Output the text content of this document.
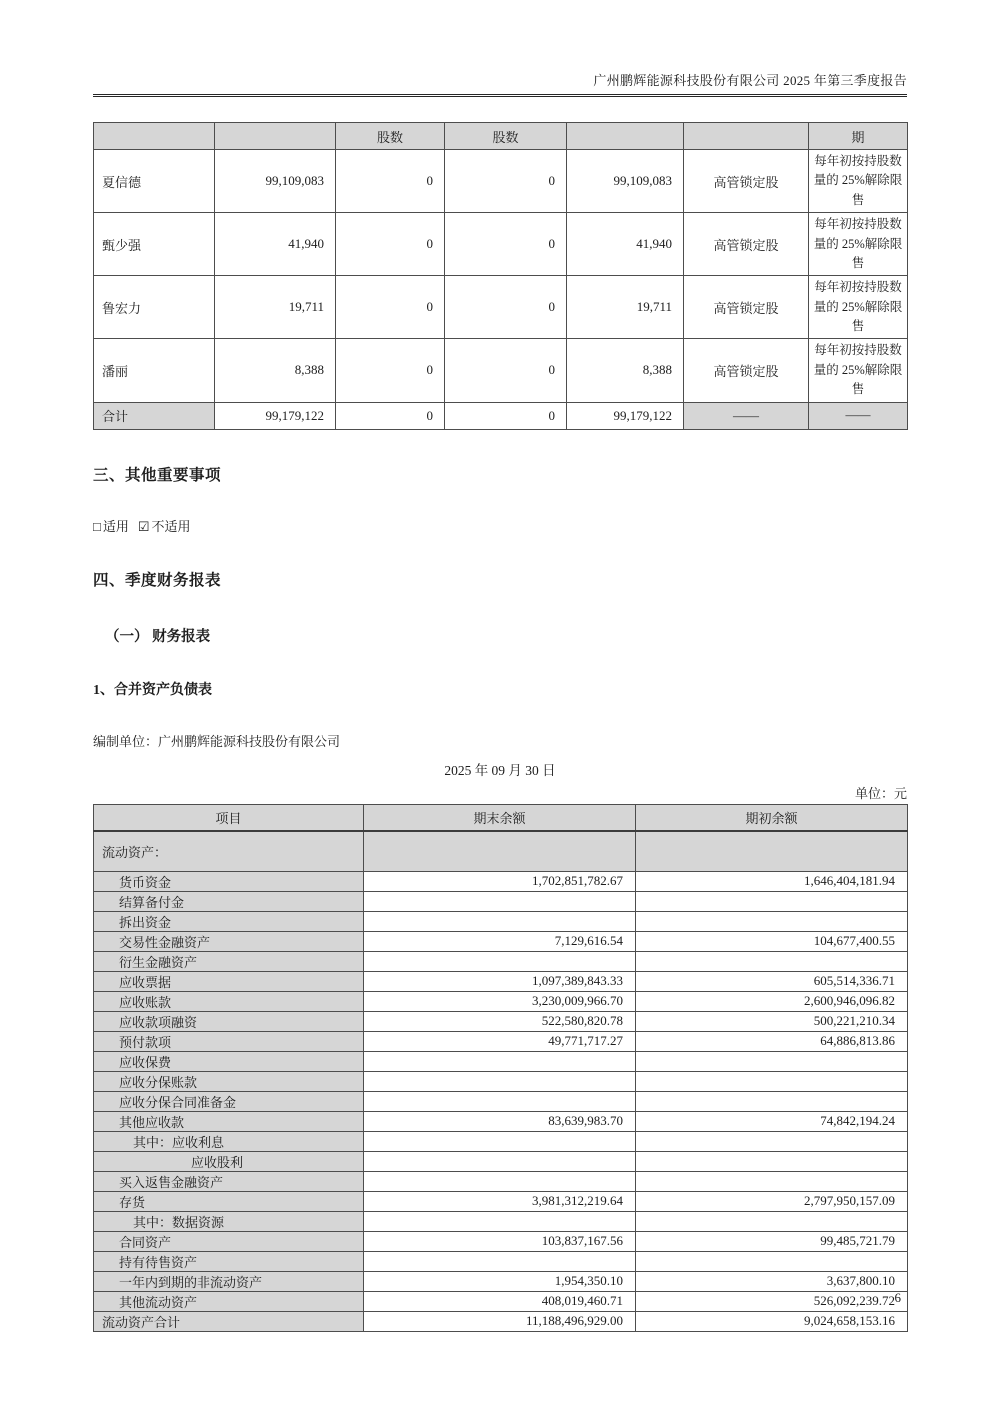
广州鹏辉能源科技股份有限公司 2025 年第三季度报告
		股数	股数			期
夏信德	99,109,083	0	0	99,109,083	高管锁定股	每年初按持股数量的 25%解除限售
甄少强	41,940	0	0	41,940	高管锁定股	每年初按持股数量的 25%解除限售
鲁宏力	19,711	0	0	19,711	高管锁定股	每年初按持股数量的 25%解除限售
潘丽	8,388	0	0	8,388	高管锁定股	每年初按持股数量的 25%解除限售
合计	99,179,122	0	0	99,179,122	——	——
三、其他重要事项
□ 适用 ☑ 不适用
四、季度财务报表
（一） 财务报表
1、合并资产负债表
编制单位：广州鹏辉能源科技股份有限公司
2025 年 09 月 30 日
单位：元
项目	期末余额	期初余额
流动资产：		
货币资金	1,702,851,782.67	1,646,404,181.94
结算备付金		
拆出资金		
交易性金融资产	7,129,616.54	104,677,400.55
衍生金融资产		
应收票据	1,097,389,843.33	605,514,336.71
应收账款	3,230,009,966.70	2,600,946,096.82
应收款项融资	522,580,820.78	500,221,210.34
预付款项	49,771,717.27	64,886,813.86
应收保费		
应收分保账款		
应收分保合同准备金		
其他应收款	83,639,983.70	74,842,194.24
其中：应收利息		
应收股利		
买入返售金融资产		
存货	3,981,312,219.64	2,797,950,157.09
其中：数据资源		
合同资产	103,837,167.56	99,485,721.79
持有待售资产		
一年内到期的非流动资产	1,954,350.10	3,637,800.10
其他流动资产	408,019,460.71	526,092,239.72
流动资产合计	11,188,496,929.00	9,024,658,153.16
6
